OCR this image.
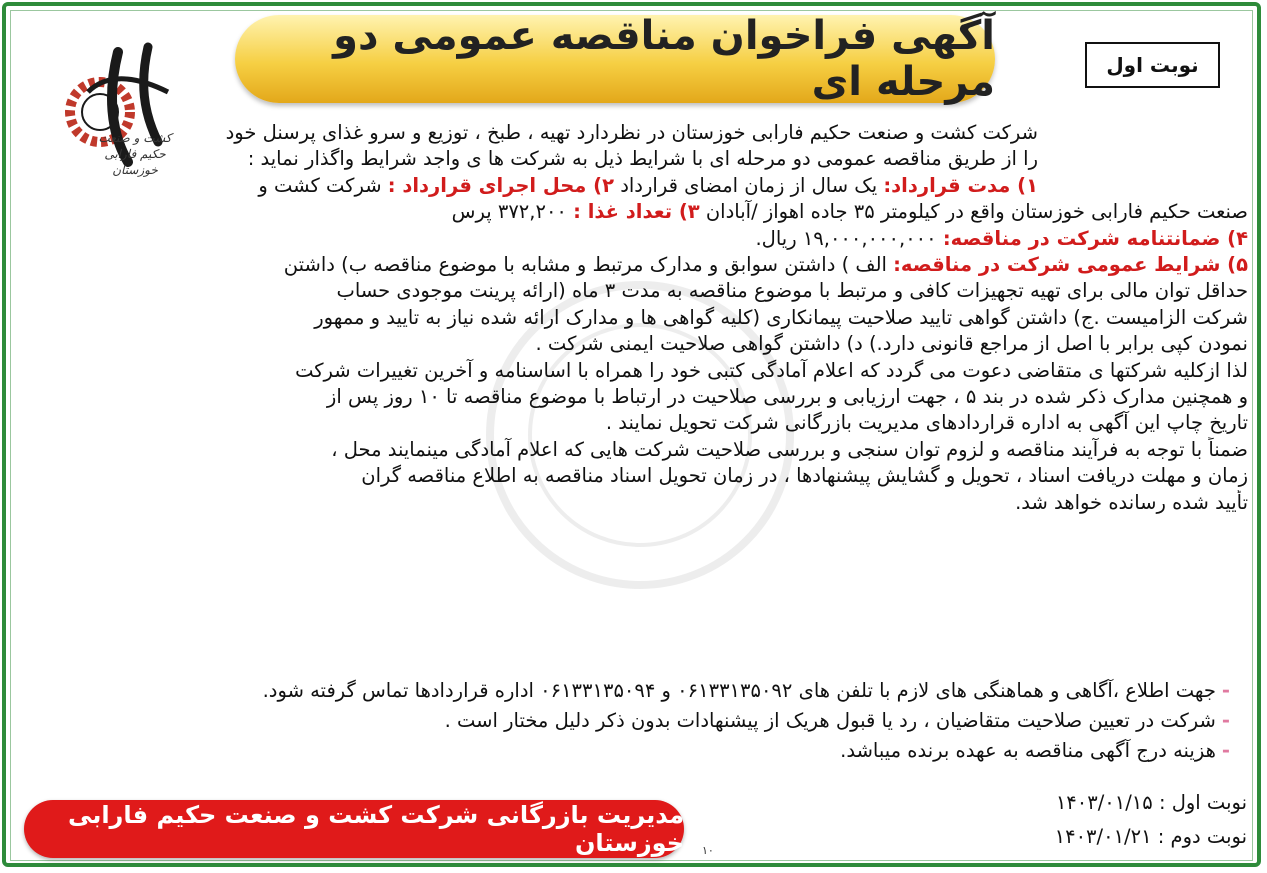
کشت و صنعت
حکیم فارابی خوزستان
آگهی فراخوان مناقصه عمومی دو مرحله ای	نوبت اول
شرکت کشت و صنعت حکیم فارابی خوزستان در نظردارد تهیه ، طبخ ، توزیع و سرو غذای پرسنل خود
را از طریق مناقصه عمومی دو مرحله ای با شرایط ذیل به شرکت ها ی واجد شرایط واگذار نماید :
۱) مدت قرارداد: یک سال از زمان امضای قرارداد ۲) محل اجرای قرارداد : شرکت کشت و
صنعت حکیم فارابی خوزستان واقع در کیلومتر ۳۵ جاده اهواز /آبادان ۳) تعداد غذا : ۳۷۲,۲۰۰ پرس
۴) ضمانتنامه شرکت در مناقصه: ۱۹,۰۰۰,۰۰۰,۰۰۰ ریال.
۵) شرایط عمومی شرکت در مناقصه: الف ) داشتن سوابق و مدارک مرتبط و مشابه با موضوع مناقصه ب) داشتن
حداقل توان مالی برای تهیه تجهیزات کافی و مرتبط با موضوع مناقصه به مدت ۳ ماه (ارائه پرینت موجودی حساب
شرکت الزامیست .ج) داشتن گواهی تایید صلاحیت پیمانکاری (کلیه گواهی ها و مدارک ارائه شده نیاز به تایید و ممهور
نمودن کپی برابر با اصل از مراجع قانونی دارد.) د) داشتن گواهی صلاحیت ایمنی شرکت .
لذا ازکلیه شرکتها ی متقاضی دعوت می گردد که اعلام آمادگی کتبی خود را همراه با اساسنامه و آخرین تغییرات شرکت
و همچنین مدارک ذکر شده در بند ۵ ، جهت ارزیابی و بررسی صلاحیت در ارتباط با موضوع مناقصه تا ۱۰ روز پس از
تاریخ چاپ این آگهی به اداره قراردادهای مدیریت بازرگانی شرکت تحویل نمایند .
ضمناً با توجه به فرآیند مناقصه و لزوم توان سنجی و بررسی صلاحیت شرکت هایی که اعلام آمادگی مینمایند محل ،
زمان و مهلت دریافت اسناد ، تحویل و گشایش پیشنهادها ، در زمان تحویل اسناد مناقصه به اطلاع مناقصه گران
تأیید شده رسانده خواهد شد.
-جهت اطلاع ،آگاهی و هماهنگی های لازم با تلفن های ۰۶۱۳۳۱۳۵۰۹۲ و ۰۶۱۳۳۱۳۵۰۹۴ اداره قراردادها تماس گرفته شود.
-شرکت در تعیین صلاحیت متقاضیان ، رد یا قبول هریک از پیشنهادات بدون ذکر دلیل مختار است .
-هزینه درج آگهی مناقصه به عهده برنده میباشد.
نوبت اول : ۱۴۰۳/۰۱/۱۵
نوبت دوم : ۱۴۰۳/۰۱/۲۱
مدیریت بازرگانی شرکت کشت و صنعت حکیم فارابی خوزستان ۱۰
